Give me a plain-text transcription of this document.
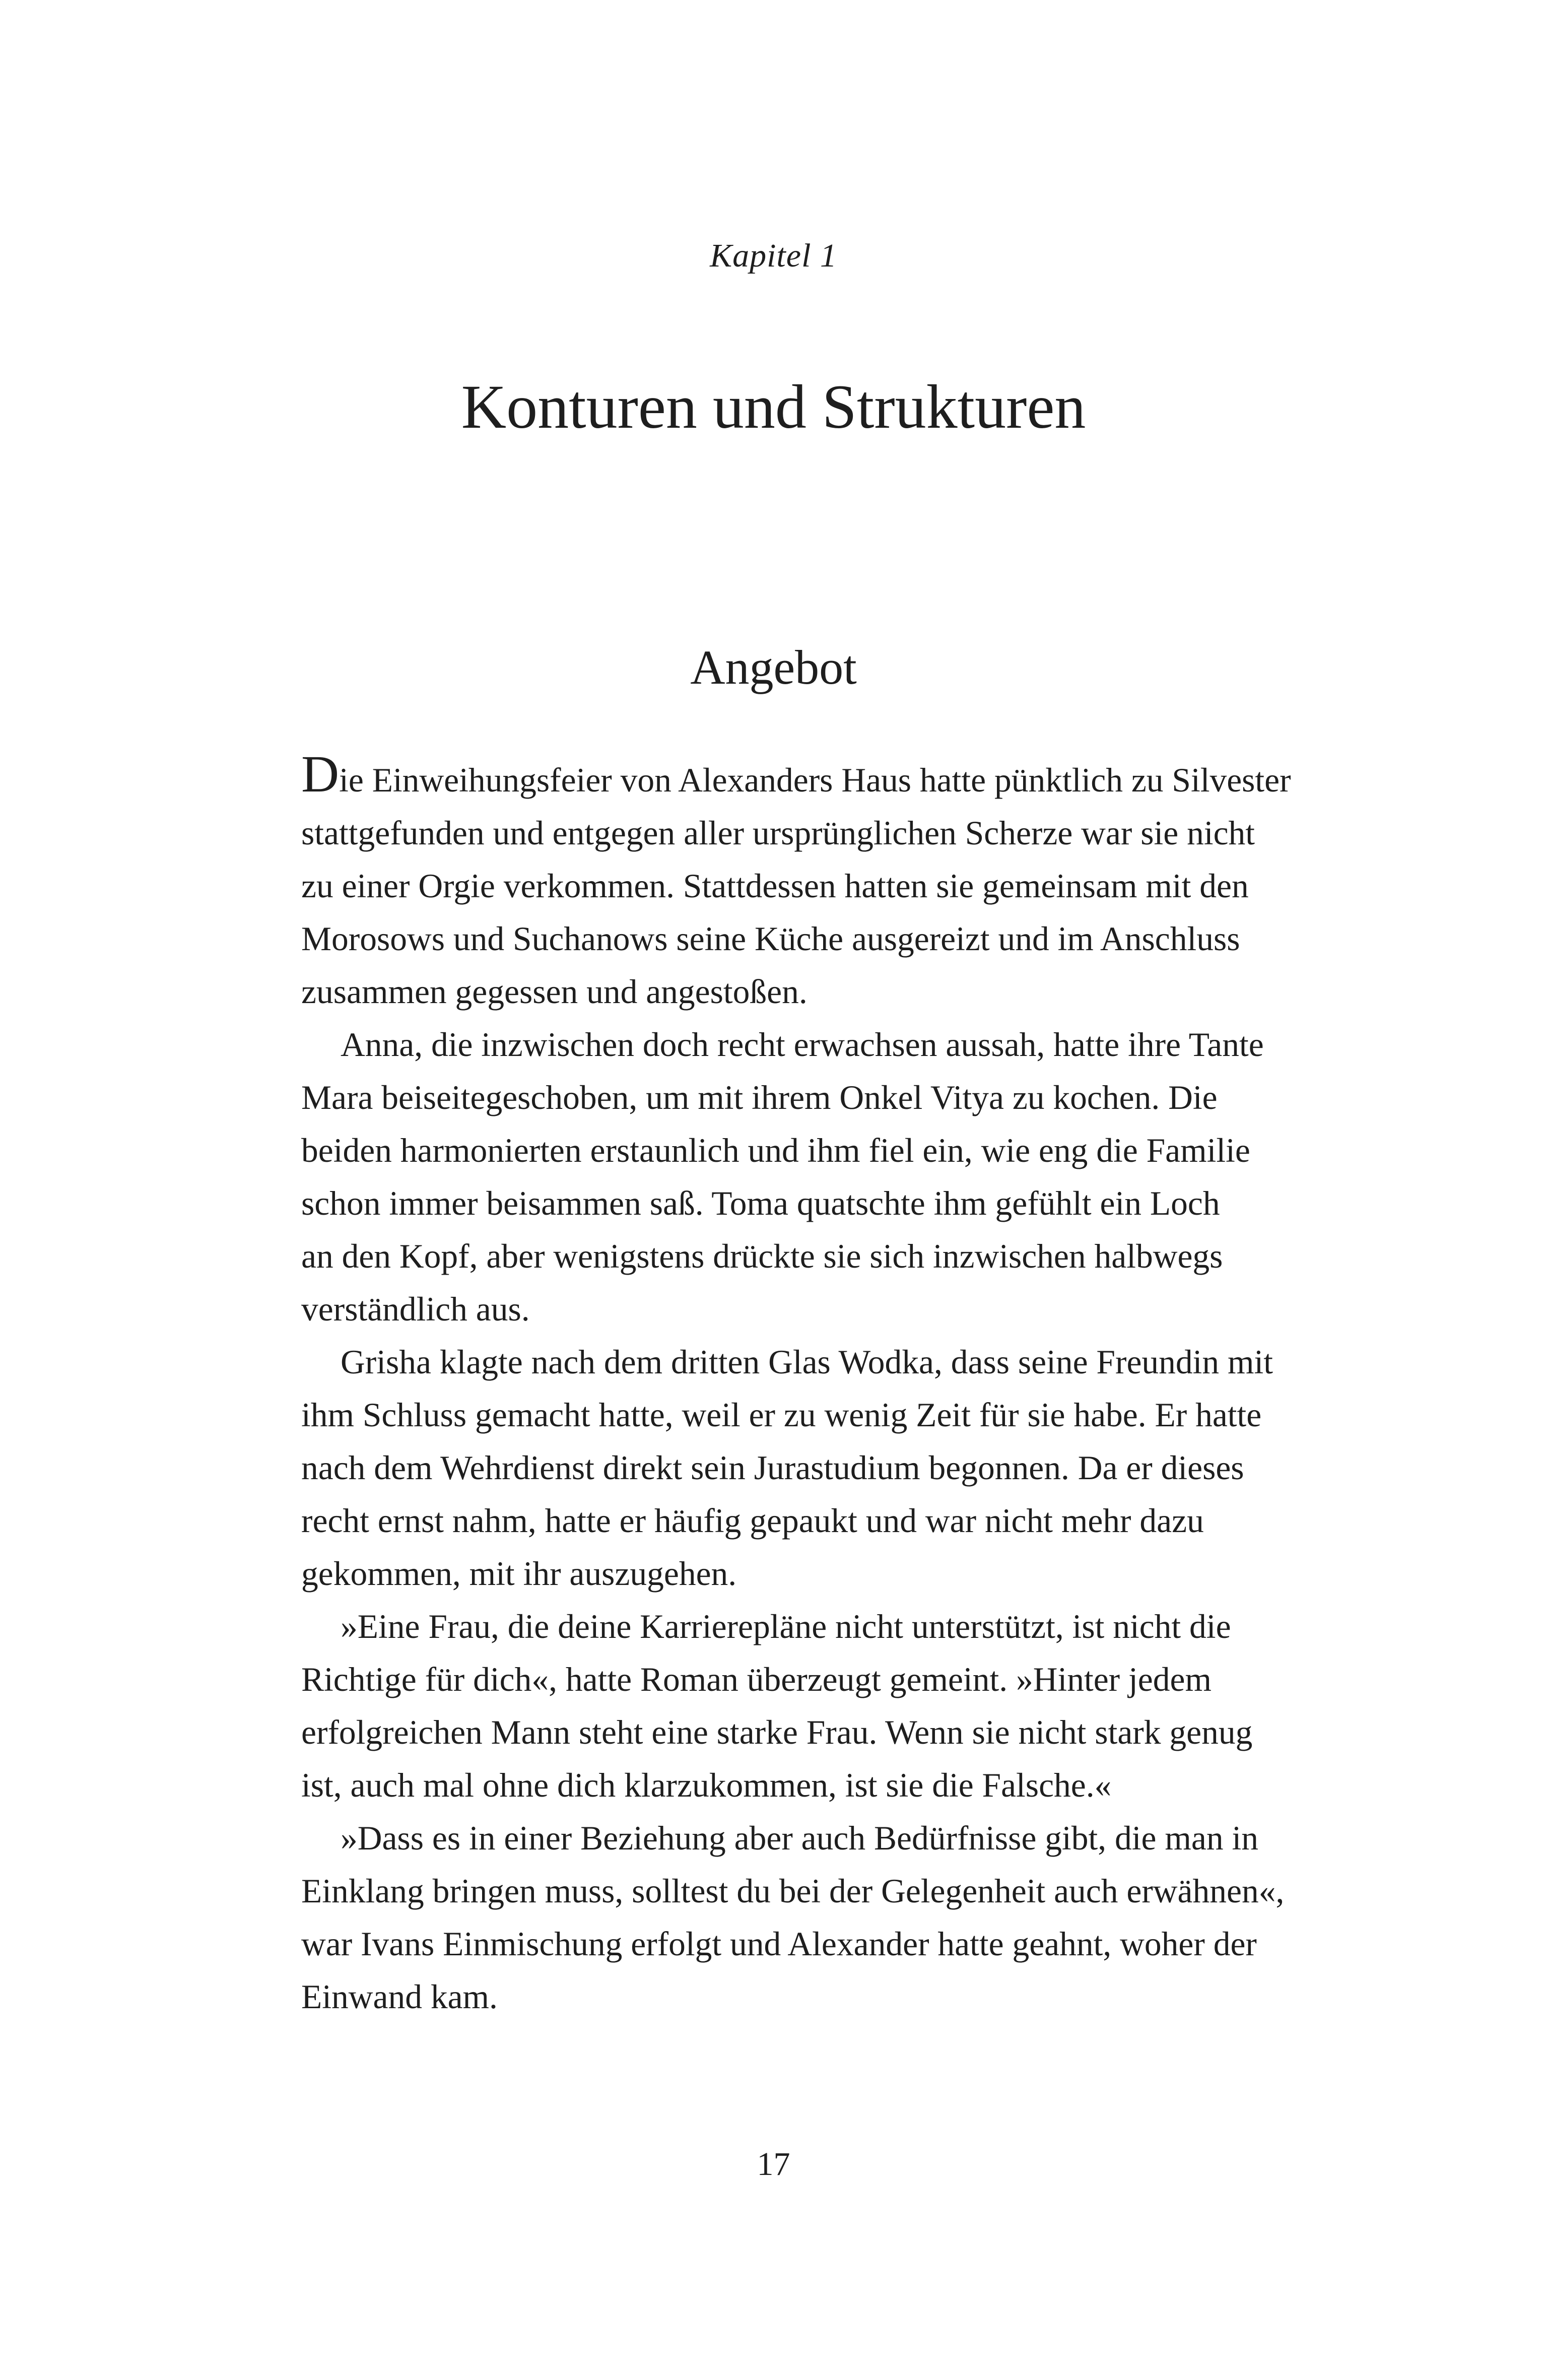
Kapitel 1
Konturen und Strukturen
Angebot

Die Einweihungsfeier von Alexanders Haus hatte pünktlich zu Silvester
stattgefunden und entgegen aller ursprünglichen Scherze war sie nicht
zu einer Orgie verkommen. Stattdessen hatten sie gemeinsam mit den
Morosows und Suchanows seine Küche ausgereizt und im Anschluss
zusammen gegessen und angestoßen.

Anna, die inzwischen doch recht erwachsen aussah, hatte ihre Tante
Mara beiseitegeschoben, um mit ihrem Onkel Vitya zu kochen. Die
beiden harmonierten erstaunlich und ihm fiel ein, wie eng die Familie
schon immer beisammen saß. Toma quatschte ihm gefühlt ein Loch
an den Kopf, aber wenigstens drückte sie sich inzwischen halbwegs
verständlich aus.

Grisha klagte nach dem dritten Glas Wodka, dass seine Freundin mit
ihm Schluss gemacht hatte, weil er zu wenig Zeit für sie habe. Er hatte
nach dem Wehrdienst direkt sein Jurastudium begonnen. Da er dieses
recht ernst nahm, hatte er häufig gepaukt und war nicht mehr dazu
gekommen, mit ihr auszugehen.

»Eine Frau, die deine Karrierepläne nicht unterstützt, ist nicht die
Richtige für dich«, hatte Roman überzeugt gemeint. »Hinter jedem
erfolgreichen Mann steht eine starke Frau. Wenn sie nicht stark genug
ist, auch mal ohne dich klarzukommen, ist sie die Falsche.«

»Dass es in einer Beziehung aber auch Bedürfnisse gibt, die man in
Einklang bringen muss, solltest du bei der Gelegenheit auch erwähnen«,
war Ivans Einmischung erfolgt und Alexander hatte geahnt, woher der
Einwand kam.

17
